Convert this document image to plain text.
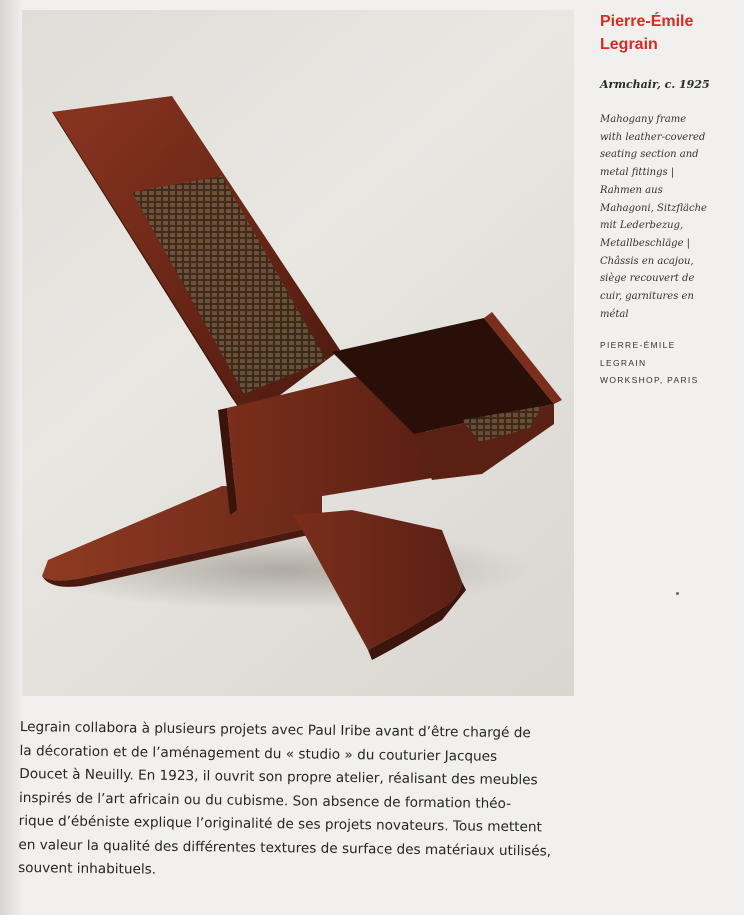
Pierre-Émile
Legrain

Armchair, c. 1925
Mahogany frame
with leather-covered
seating section and
metal fittings |
Rahmen aus
Mahagoni, Sitzfläche
mit Lederbezug,
Metallbeschläge |
Châssis en acajou,
siège recouvert de
cuir, garnitures en
métal
PIERRE-ÉMILE
LEGRAIN
WORKSHOP, PARIS
Legrain collabora à plusieurs projets avec Paul Iribe avant d’être chargé de
la décoration et de l’aménagement du « studio » du couturier Jacques
Doucet à Neuilly. En 1923, il ouvrit son propre atelier, réalisant des meubles
inspirés de l’art africain ou du cubisme. Son absence de formation théo-
rique d’ébéniste explique l’originalité de ses projets novateurs. Tous mettent
en valeur la qualité des différentes textures de surface des matériaux utilisés,
souvent inhabituels.
